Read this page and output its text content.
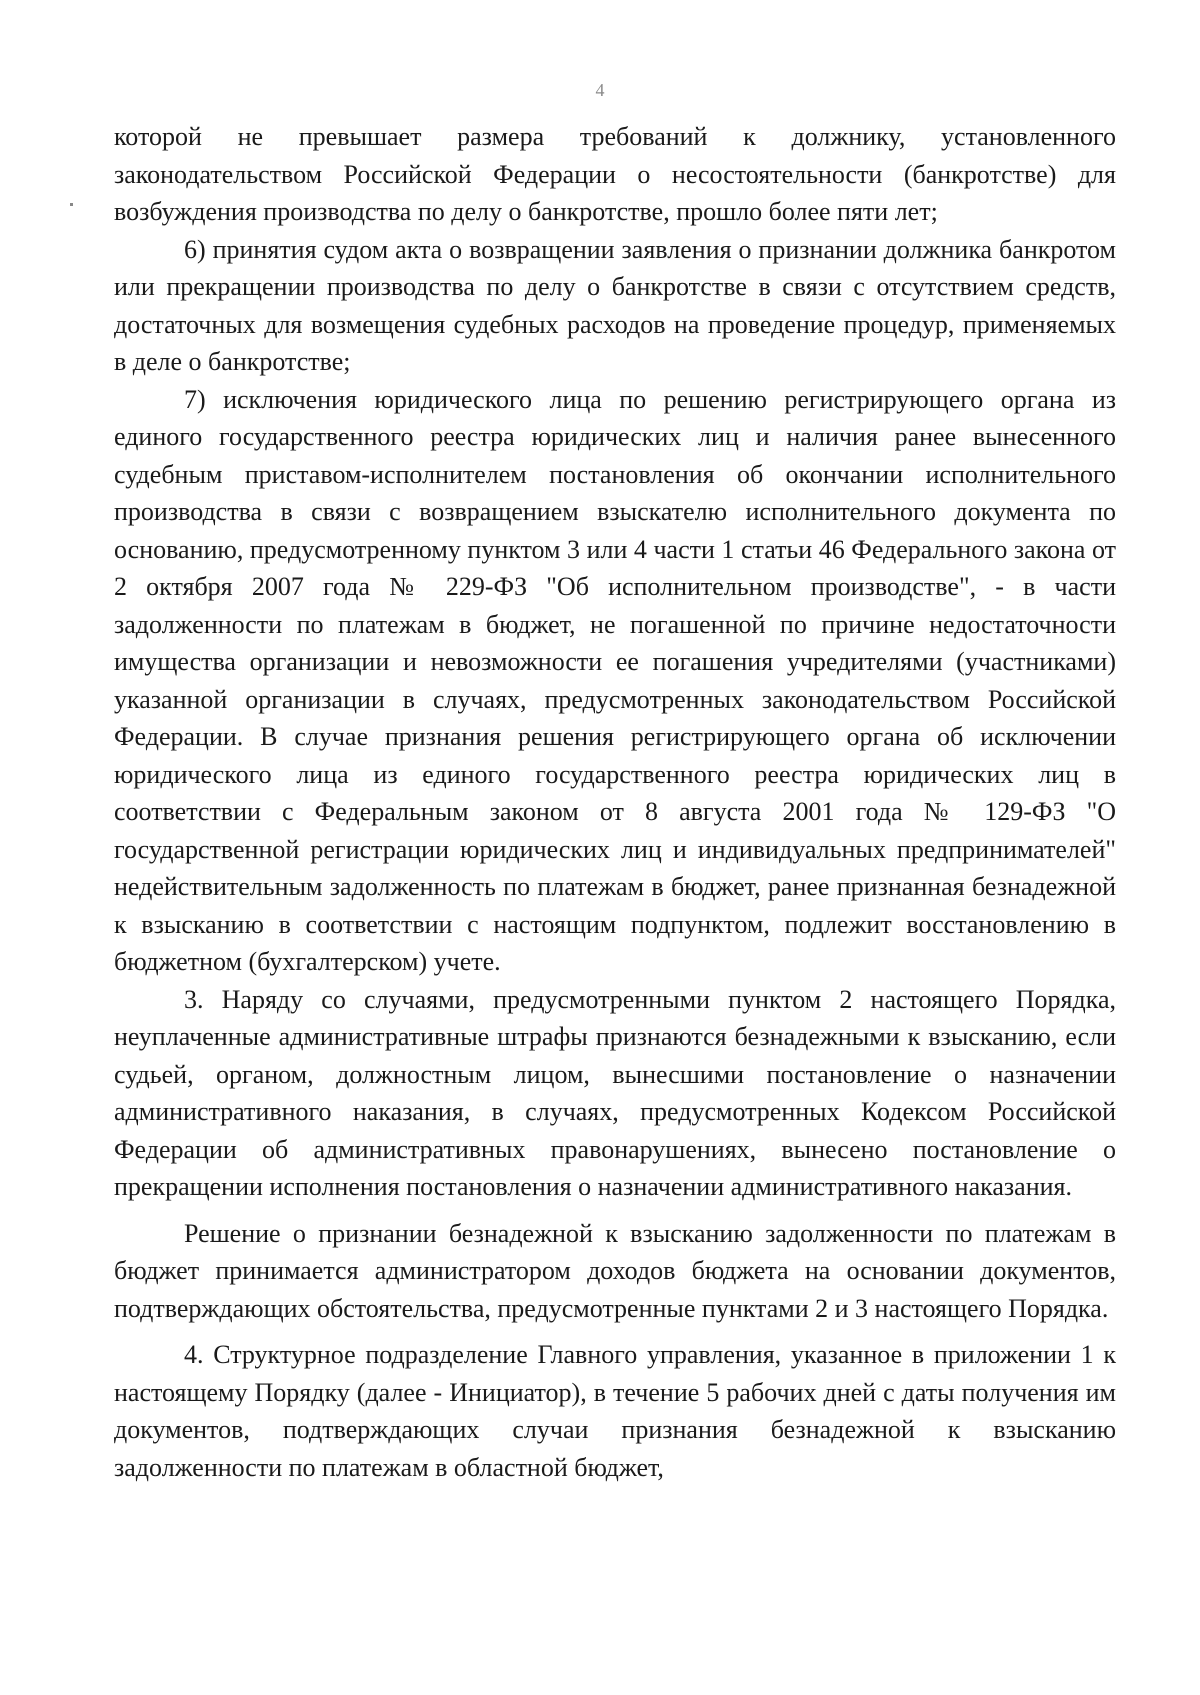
4

которой не превышает размера требований к должнику, установленного законодательством Российской Федерации о несостоятельности (банкротстве) для возбуждения производства по делу о банкротстве, прошло более пяти лет;

6) принятия судом акта о возвращении заявления о признании должника банкротом или прекращении производства по делу о банкротстве в связи с отсутствием средств, достаточных для возмещения судебных расходов на проведение процедур, применяемых в деле о банкротстве;

7) исключения юридического лица по решению регистрирующего органа из единого государственного реестра юридических лиц и наличия ранее вынесенного судебным приставом-исполнителем постановления об окончании исполнительного производства в связи с возвращением взыскателю исполнительного документа по основанию, предусмотренному пунктом 3 или 4 части 1 статьи 46 Федерального закона от 2 октября 2007 года № 229-ФЗ "Об исполнительном производстве", - в части задолженности по платежам в бюджет, не погашенной по причине недостаточности имущества организации и невозможности ее погашения учредителями (участниками) указанной организации в случаях, предусмотренных законодательством Российской Федерации. В случае признания решения регистрирующего органа об исключении юридического лица из единого государственного реестра юридических лиц в соответствии с Федеральным законом от 8 августа 2001 года № 129-ФЗ "О государственной регистрации юридических лиц и индивидуальных предпринимателей" недействительным задолженность по платежам в бюджет, ранее признанная безнадежной к взысканию в соответствии с настоящим подпунктом, подлежит восстановлению в бюджетном (бухгалтерском) учете.

3. Наряду со случаями, предусмотренными пунктом 2 настоящего Порядка, неуплаченные административные штрафы признаются безнадежными к взысканию, если судьей, органом, должностным лицом, вынесшими постановление о назначении административного наказания, в случаях, предусмотренных Кодексом Российской Федерации об административных правонарушениях, вынесено постановление о прекращении исполнения постановления о назначении административного наказания.

Решение о признании безнадежной к взысканию задолженности по платежам в бюджет принимается администратором доходов бюджета на основании документов, подтверждающих обстоятельства, предусмотренные пунктами 2 и 3 настоящего Порядка.

4. Структурное подразделение Главного управления, указанное в приложении 1 к настоящему Порядку (далее - Инициатор), в течение 5 рабочих дней с даты получения им документов, подтверждающих случаи признания безнадежной к взысканию задолженности по платежам в областной бюджет,
